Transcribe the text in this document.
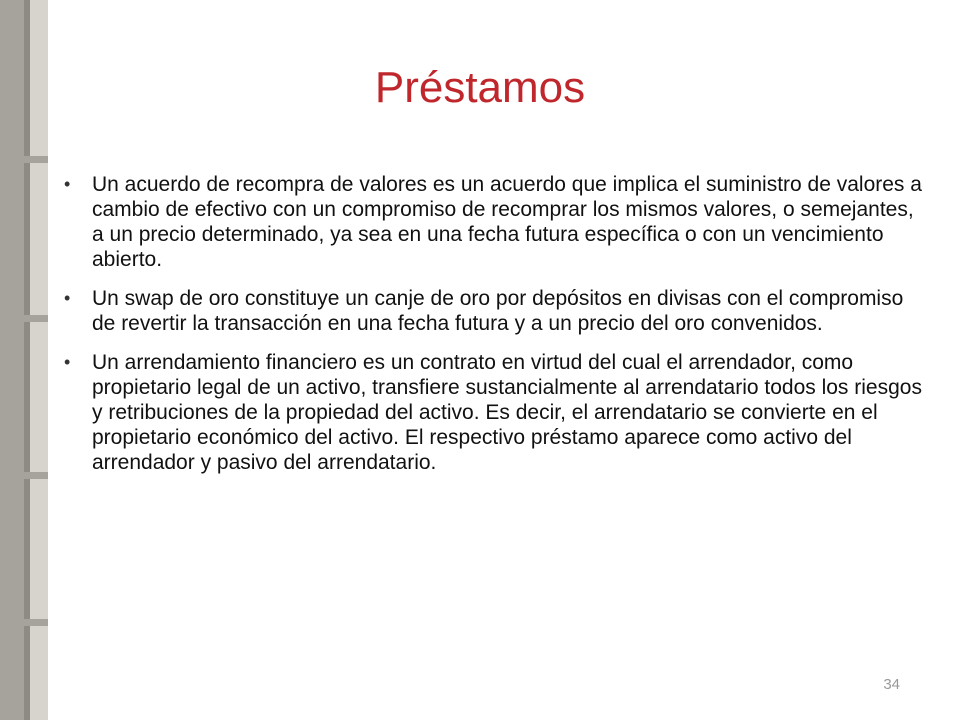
Préstamos
• Un acuerdo de recompra de valores es un acuerdo que implica el suministro de valores a cambio de efectivo con un compromiso de recomprar los mismos valores, o semejantes, a un precio determinado, ya sea en una fecha futura específica o con un vencimiento abierto.
• Un swap de oro constituye un canje de oro por depósitos en divisas con el compromiso de revertir la transacción en una fecha futura y a un precio del oro convenidos.
• Un arrendamiento financiero es un contrato en virtud del cual el arrendador, como propietario legal de un activo, transfiere sustancialmente al arrendatario todos los riesgos y retribuciones de la propiedad del activo. Es decir, el arrendatario se convierte en el propietario económico del activo. El respectivo préstamo aparece como activo del arrendador y pasivo del arrendatario.
34
